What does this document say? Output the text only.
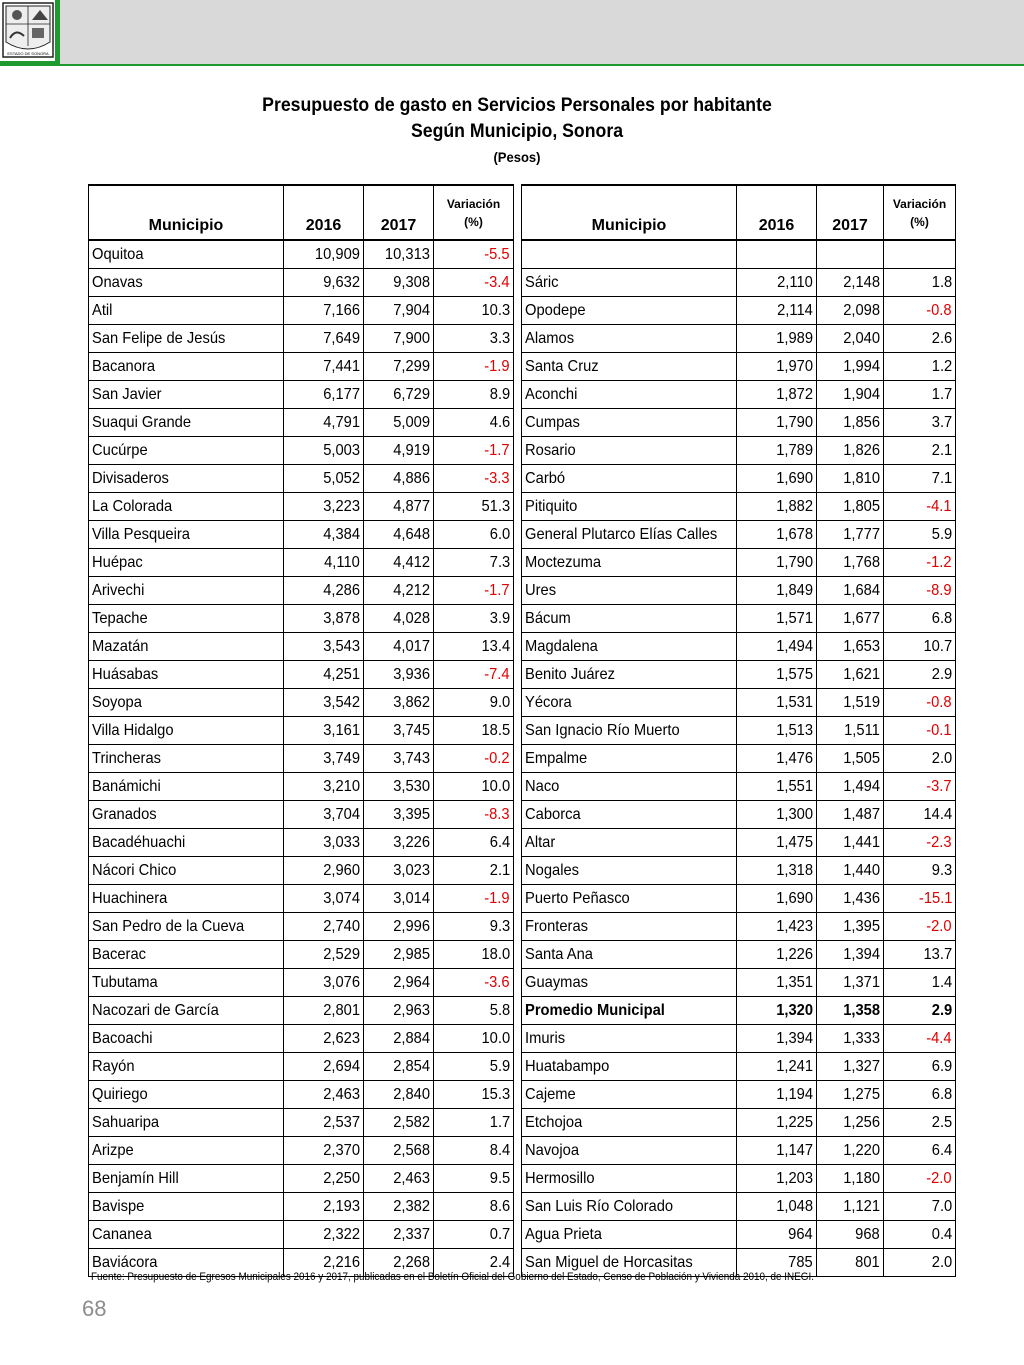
ESTADO DE SONORA
Presupuesto de gasto en Servicios Personales por habitante
Según Municipio, Sonora
(Pesos)
Municipio	2016	2017	Variación
(%)

Oquitoa	10,909	10,313	-5.5
Onavas	9,632	9,308	-3.4
Atil	7,166	7,904	10.3
San Felipe de Jesús	7,649	7,900	3.3
Bacanora	7,441	7,299	-1.9
San Javier	6,177	6,729	8.9
Suaqui Grande	4,791	5,009	4.6
Cucúrpe	5,003	4,919	-1.7
Divisaderos	5,052	4,886	-3.3
La Colorada	3,223	4,877	51.3
Villa Pesqueira	4,384	4,648	6.0
Huépac	4,110	4,412	7.3
Arivechi	4,286	4,212	-1.7
Tepache	3,878	4,028	3.9
Mazatán	3,543	4,017	13.4
Huásabas	4,251	3,936	-7.4
Soyopa	3,542	3,862	9.0
Villa Hidalgo	3,161	3,745	18.5
Trincheras	3,749	3,743	-0.2
Banámichi	3,210	3,530	10.0
Granados	3,704	3,395	-8.3
Bacadéhuachi	3,033	3,226	6.4
Nácori Chico	2,960	3,023	2.1
Huachinera	3,074	3,014	-1.9
San Pedro de la Cueva	2,740	2,996	9.3
Bacerac	2,529	2,985	18.0
Tubutama	3,076	2,964	-3.6
Nacozari de García	2,801	2,963	5.8
Bacoachi	2,623	2,884	10.0
Rayón	2,694	2,854	5.9
Quiriego	2,463	2,840	15.3
Sahuaripa	2,537	2,582	1.7
Arizpe	2,370	2,568	8.4
Benjamín Hill	2,250	2,463	9.5
Bavispe	2,193	2,382	8.6
Cananea	2,322	2,337	0.7
Baviácora	2,216	2,268	2.4
Municipio	2016	2017	Variación
(%)

Sáric	2,110	2,148	1.8
Opodepe	2,114	2,098	-0.8
Alamos	1,989	2,040	2.6
Santa Cruz	1,970	1,994	1.2
Aconchi	1,872	1,904	1.7
Cumpas	1,790	1,856	3.7
Rosario	1,789	1,826	2.1
Carbó	1,690	1,810	7.1
Pitiquito	1,882	1,805	-4.1
General Plutarco Elías Calles	1,678	1,777	5.9
Moctezuma	1,790	1,768	-1.2
Ures	1,849	1,684	-8.9
Bácum	1,571	1,677	6.8
Magdalena	1,494	1,653	10.7
Benito Juárez	1,575	1,621	2.9
Yécora	1,531	1,519	-0.8
San Ignacio Río Muerto	1,513	1,511	-0.1
Empalme	1,476	1,505	2.0
Naco	1,551	1,494	-3.7
Caborca	1,300	1,487	14.4
Altar	1,475	1,441	-2.3
Nogales	1,318	1,440	9.3
Puerto Peñasco	1,690	1,436	-15.1
Fronteras	1,423	1,395	-2.0
Santa Ana	1,226	1,394	13.7
Guaymas	1,351	1,371	1.4
Promedio Municipal	1,320	1,358	2.9
Imuris	1,394	1,333	-4.4
Huatabampo	1,241	1,327	6.9
Cajeme	1,194	1,275	6.8
Etchojoa	1,225	1,256	2.5
Navojoa	1,147	1,220	6.4
Hermosillo	1,203	1,180	-2.0
San Luis Río Colorado	1,048	1,121	7.0
Agua Prieta	964	968	0.4
San Miguel de Horcasitas	785	801	2.0
Fuente: Presupuesto de Egresos Municipales 2016 y 2017, publicadas en el Boletín Oficial del Gobierno del Estado, Censo de Población y Vivienda 2010, de INEGI.
68
